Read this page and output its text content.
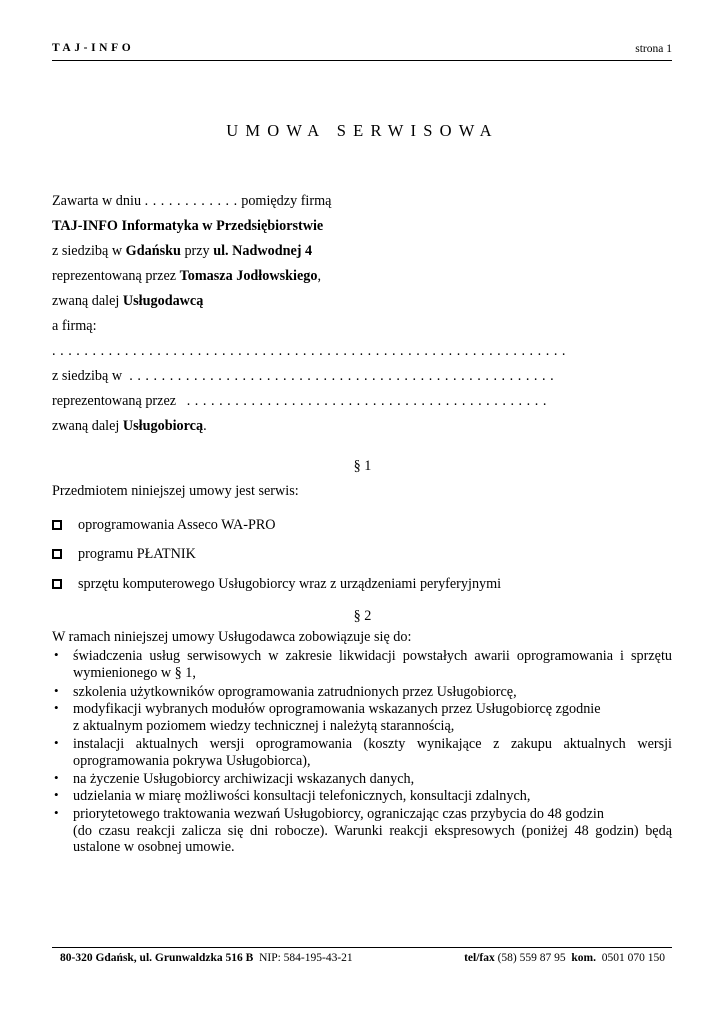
TAJ-INFO	strona 1
UMOWA SERWISOWA
Zawarta w dniu . . . . . . . . . . . . pomiędzy firmą
TAJ-INFO Informatyka w Przedsiębiorstwie
z siedzibą w Gdańsku przy ul. Nadwodnej 4
reprezentowaną przez Tomasza Jodłowskiego,
zwaną dalej Usługodawcą
a firmą:
. . . . . . . . . . . . . . . . . . . . . . . . . . . . . . . . . . . . . . . . . . . . . . . . . . . . . . . . . . . . . . . .
z siedzibą w . . . . . . . . . . . . . . . . . . . . . . . . . . . . . . . . . . . . . . . . . . . . . . . . . . . . .
reprezentowaną przez . . . . . . . . . . . . . . . . . . . . . . . . . . . . . . . . . . . . . . . . . . . . .
zwaną dalej Usługobiorcą.
§ 1
Przedmiotem niniejszej umowy jest serwis:
oprogramowania Asseco WA-PRO
programu PŁATNIK
sprzętu komputerowego Usługobiorcy wraz z urządzeniami peryferyjnymi
§ 2
W ramach niniejszej umowy Usługodawca zobowiązuje się do:
• świadczenia usług serwisowych w zakresie likwidacji powstałych awarii oprogramowania i sprzętu wymienionego w § 1,
• szkolenia użytkowników oprogramowania zatrudnionych przez Usługobiorcę,
• modyfikacji wybranych modułów oprogramowania wskazanych przez Usługobiorcę zgodnie
z aktualnym poziomem wiedzy technicznej i należytą starannością,
• instalacji aktualnych wersji oprogramowania (koszty wynikające z zakupu aktualnych wersji oprogramowania pokrywa Usługobiorca),
• na życzenie Usługobiorcy archiwizacji wskazanych danych,
• udzielania w miarę możliwości konsultacji telefonicznych, konsultacji zdalnych,
• priorytetowego traktowania wezwań Usługobiorcy, ograniczając czas przybycia do 48 godzin
(do czasu reakcji zalicza się dni robocze). Warunki reakcji ekspresowych (poniżej 48 godzin) będą ustalone w osobnej umowie.
80-320 Gdańsk, ul. Grunwaldzka 516 B NIP: 584-195-43-21	tel/fax (58) 559 87 95 kom. 0501 070 150
